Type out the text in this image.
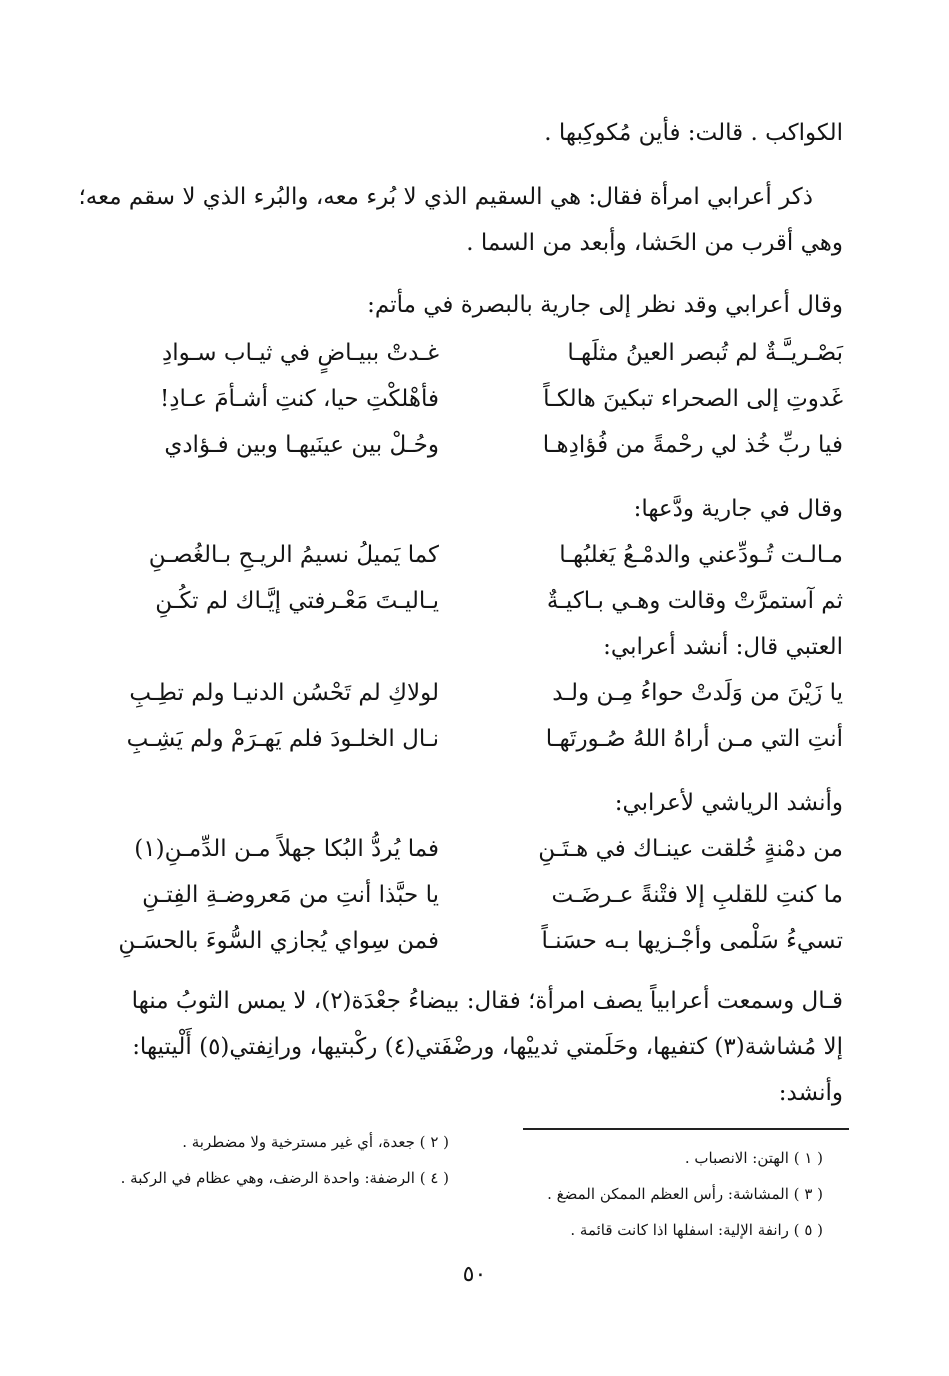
الكواكب . قالت: فأين مُكوكِبها .

ذكر أعرابي امرأة فقال: هي السقيم الذي لا بُرء معه، والبُرء الذي لا سقم معه؛

وهي أقرب من الحَشا، وأبعد من السما .

وقال أعرابي وقد نظر إلى جارية بالبصرة في مأتم:

بَصْـريـَّـةٌ لم تُبصر العينُ مثلَهـا
غـدتْ ببيـاضٍ في ثيـاب سـوادِ
غَدوتِ إلى الصحراء تبكينَ هالكـاً
فأهْلكْتِ حيا، كنتِ أشـأمَ عـادِ!
فيا ربِّ خُذ لي رحْمةً من فُؤادِهـا
وحُـلْ بين عينَيهـا وبين فـؤادي

وقال في جارية ودَّعها:

مـالـت تُـودِّعني والدمْـعُ يَغلبُهـا
كما يَميلُ نسيمُ الريـحِ بـالغُصـنِ
ثم آستمرَّتْ وقالت وهـي بـاكيـةٌ
يـاليـتَ مَعْـرفتي إيَّـاك لم تكُـنِ

العتبي قال: أنشد أعرابي:

يا زَيْنَ من وَلَدتْ حواءُ مِـن ولـد
لولاكِ لم تَحْسُن الدنيـا ولم تطِـبِ
أنتِ التي مـن أراهُ اللهُ صُـورتَهـا
نـال الخلـودَ فلم يَهـرَمْ ولم يَشِـبِ

وأنشد الرياشي لأعرابي:

من دمْنةٍ خُلقت عينـاك في هـتَـنِ
فما يُردُّ البُكا جهلاً مـن الدِّمـنِ(١)
ما كنتِ للقلبِ إلا فتْنةً عـرضَـت
يا حبَّذا أنتِ من مَعروضـةِ الفِتـنِ
تسيءُ سَلْمى وأجْـزيها بـه حسَنـاً
فمن سِواي يُجازي السُّوءَ بالحسَـنِ

قـال وسمعت أعرابياً يصف امرأة؛ فقال: بيضاءُ جعْدَة(٢)، لا يمس الثوبُ منها

إلا مُشاشة(٣) كتفيها، وحَلَمتي ثدييْها، ورضْفَتي(٤) ركْبتيها، ورانِفتي(٥) أَلْيتيها:

وأنشد:

( ١ ) الهتن: الانصباب .
( ٢ ) جعدة، أي غير مسترخية ولا مضطربة .
( ٣ ) المشاشة: رأس العظم الممكن المضغ .
( ٤ ) الرضفة: واحدة الرضف، وهي عظام في الركبة .
( ٥ ) رانفة الإلية: اسفلها اذا كانت قائمة .
٥٠
